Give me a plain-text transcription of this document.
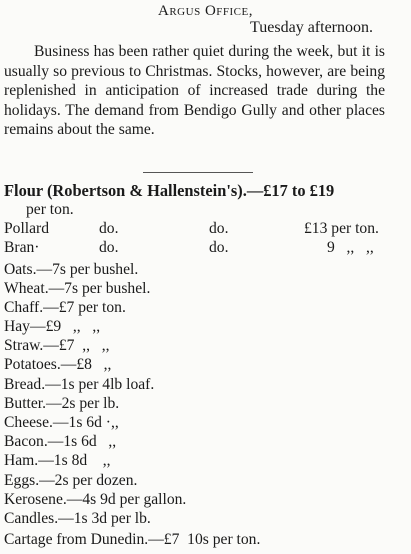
Argus Office,
Tuesday afternoon.

Business has been rather quiet during the week, but it is usually so previous to Christmas. Stocks, however, are being replenished in anticipation of increased trade during the holidays. The demand from Bendigo Gully and other places remains about the same.

Flour (Robertson & Hallenstein's).—£17 to £19
per ton.
Pollard	do.	do.	£13 per ton.
Bran·	do.	do.	9   ,,   ,,
Oats.—7s per bushel.
Wheat.—7s per bushel.
Chaff.—£7 per ton.
Hay—£9   ,,   ,,
Straw.—£7  ,,   ,,
Potatoes.—£8   ,,
Bread.—1s per 4lb loaf.
Butter.—2s per lb.
Cheese.—1s 6d ·,,
Bacon.—1s 6d   ,,
Ham.—1s 8d    ,,
Eggs.—2s per dozen.
Kerosene.—4s 9d per gallon.
Candles.—1s 3d per lb.
Cartage from Dunedin.—£7  10s per ton.
